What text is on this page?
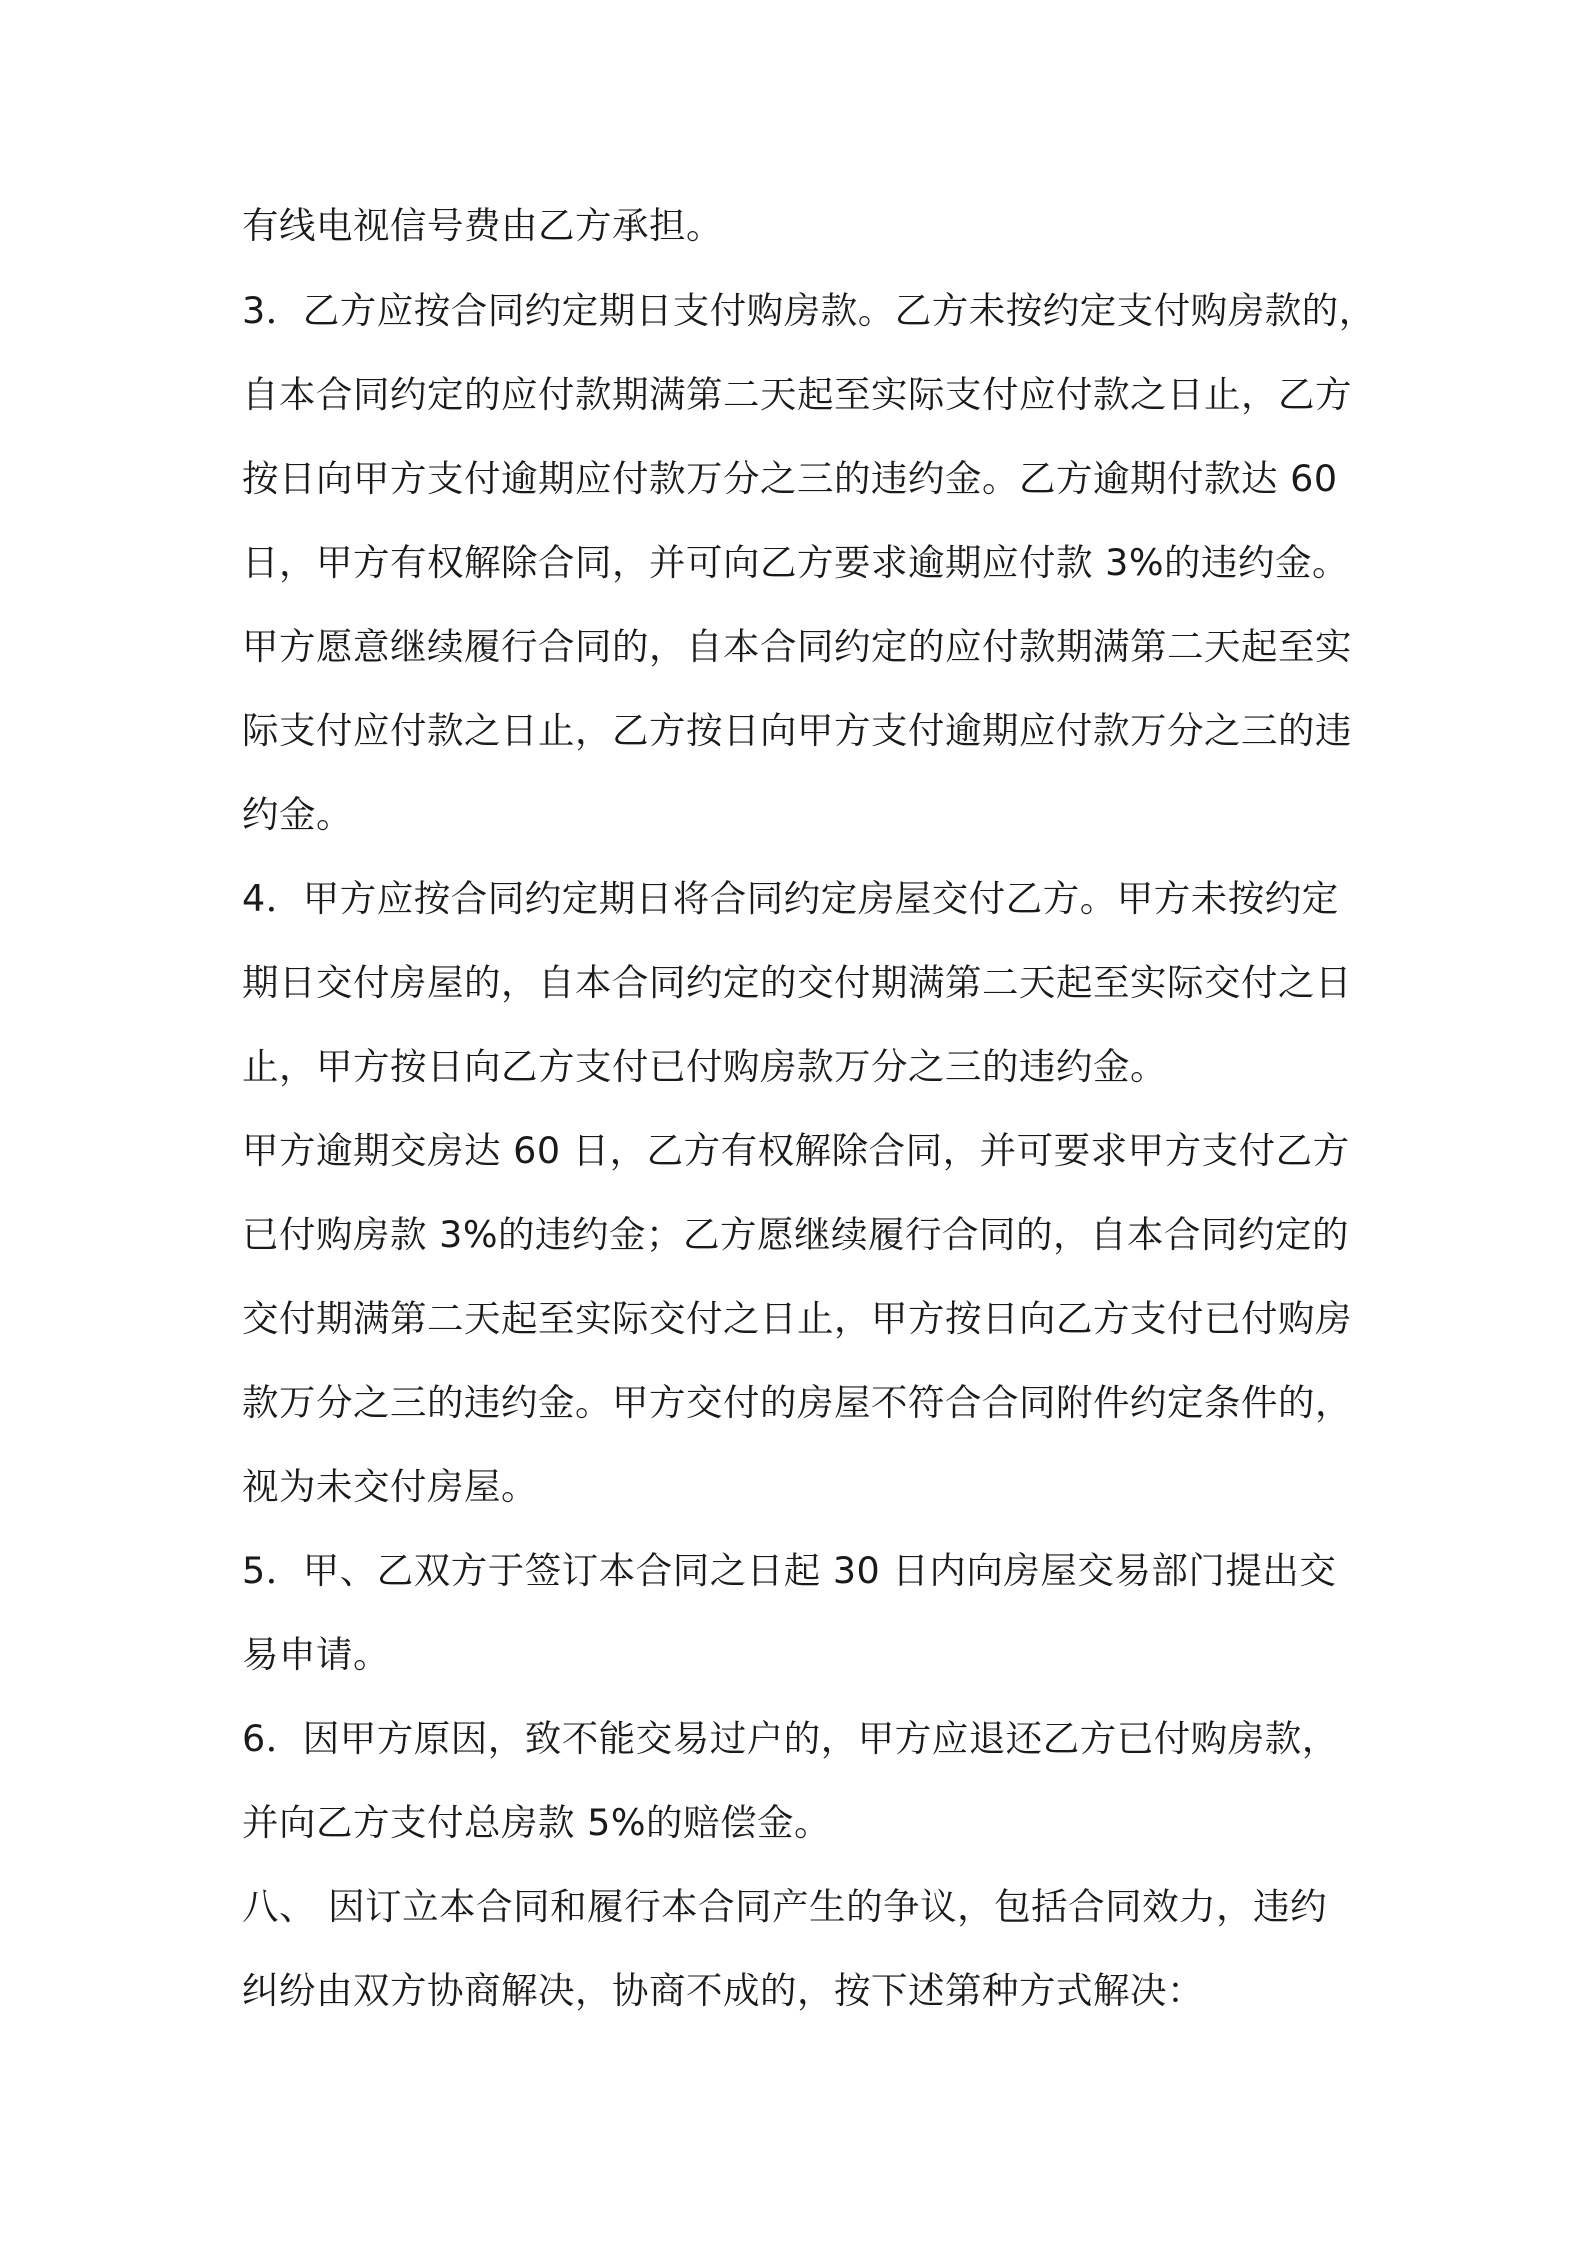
有线电视信号费由乙方承担。
3．乙方应按合同约定期日支付购房款。乙方未按约定支付购房款的，
自本合同约定的应付款期满第二天起至实际支付应付款之日止，乙方
按日向甲方支付逾期应付款万分之三的违约金。乙方逾期付款达 60
日，甲方有权解除合同，并可向乙方要求逾期应付款 3%的违约金。
甲方愿意继续履行合同的，自本合同约定的应付款期满第二天起至实
际支付应付款之日止，乙方按日向甲方支付逾期应付款万分之三的违
约金。
4．甲方应按合同约定期日将合同约定房屋交付乙方。甲方未按约定
期日交付房屋的，自本合同约定的交付期满第二天起至实际交付之日
止，甲方按日向乙方支付已付购房款万分之三的违约金。
甲方逾期交房达 60 日，乙方有权解除合同，并可要求甲方支付乙方
已付购房款 3%的违约金；乙方愿继续履行合同的，自本合同约定的
交付期满第二天起至实际交付之日止，甲方按日向乙方支付已付购房
款万分之三的违约金。甲方交付的房屋不符合合同附件约定条件的，
视为未交付房屋。
5．甲、乙双方于签订本合同之日起 30 日内向房屋交易部门提出交
易申请。
6．因甲方原因，致不能交易过户的，甲方应退还乙方已付购房款，
并向乙方支付总房款 5%的赔偿金。
八、 因订立本合同和履行本合同产生的争议，包括合同效力，违约
纠纷由双方协商解决，协商不成的，按下述第种方式解决：
